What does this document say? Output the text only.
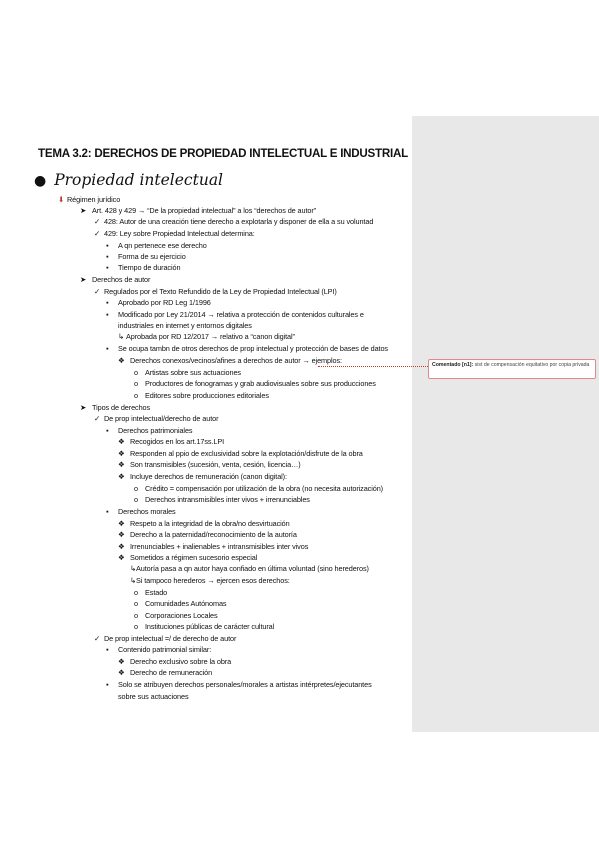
TEMA 3.2: DERECHOS DE PROPIEDAD INTELECTUAL E INDUSTRIAL
● Propiedad intelectual
⬇ Régimen jurídico
➤ Art. 428 y 429 → “De la propiedad intelectual” a los “derechos de autor”
✓ 428: Autor de una creación tiene derecho a explotarla y disponer de ella a su voluntad
✓ 429: Ley sobre Propiedad Intelectual determina:
▪ A qn pertenece ese derecho
▪ Forma de su ejercicio
▪ Tiempo de duración
➤ Derechos de autor
✓ Regulados por el Texto Refundido de la Ley de Propiedad Intelectual (LPI)
▪ Aprobado por RD Leg 1/1996
▪ Modificado por Ley 21/2014 → relativa a protección de contenidos culturales e
industriales en internet y entornos digitales
↳ Aprobada por RD 12/2017 → relativo a “canon digital”
▪ Se ocupa tambn de otros derechos de prop intelectual y protección de bases de datos
❖ Derechos conexos/vecinos/afines a derechos de autor → ejemplos:
o Artistas sobre sus actuaciones
o Productores de fonogramas y grab audiovisuales sobre sus producciones
o Editores sobre producciones editoriales
➤ Tipos de derechos
✓ De prop intelectual/derecho de autor
▪ Derechos patrimoniales
❖ Recogidos en los art.17ss.LPI
❖ Responden al ppio de exclusividad sobre la explotación/disfrute de la obra
❖ Son transmisibles (sucesión, venta, cesión, licencia…)
❖ Incluye derechos de remuneración (canon digital):
o Crédito = compensación por utilización de la obra (no necesita autorización)
o Derechos intransmisibles inter vivos + irrenunciables
▪ Derechos morales
❖ Respeto a la integridad de la obra/no desvirtuación
❖ Derecho a la paternidad/reconocimiento de la autoría
❖ Irrenunciables + inalienables + intransmisibles inter vivos
❖ Sometidos a régimen sucesorio especial
↳ Autoría pasa a qn autor haya confiado en última voluntad (sino herederos)
↳ Si tampoco herederos → ejercen esos derechos:
o Estado
o Comunidades Autónomas
o Corporaciones Locales
o Instituciones públicas de carácter cultural
✓ De prop intelectual =/ de derecho de autor
▪ Contenido patrimonial similar:
❖ Derecho exclusivo sobre la obra
❖ Derecho de remuneración
▪ Solo se atribuyen derechos personales/morales a artistas intérpretes/ejecutantes
sobre sus actuaciones
Comentado [n1]: sist de compensación equitativo por copia privada
